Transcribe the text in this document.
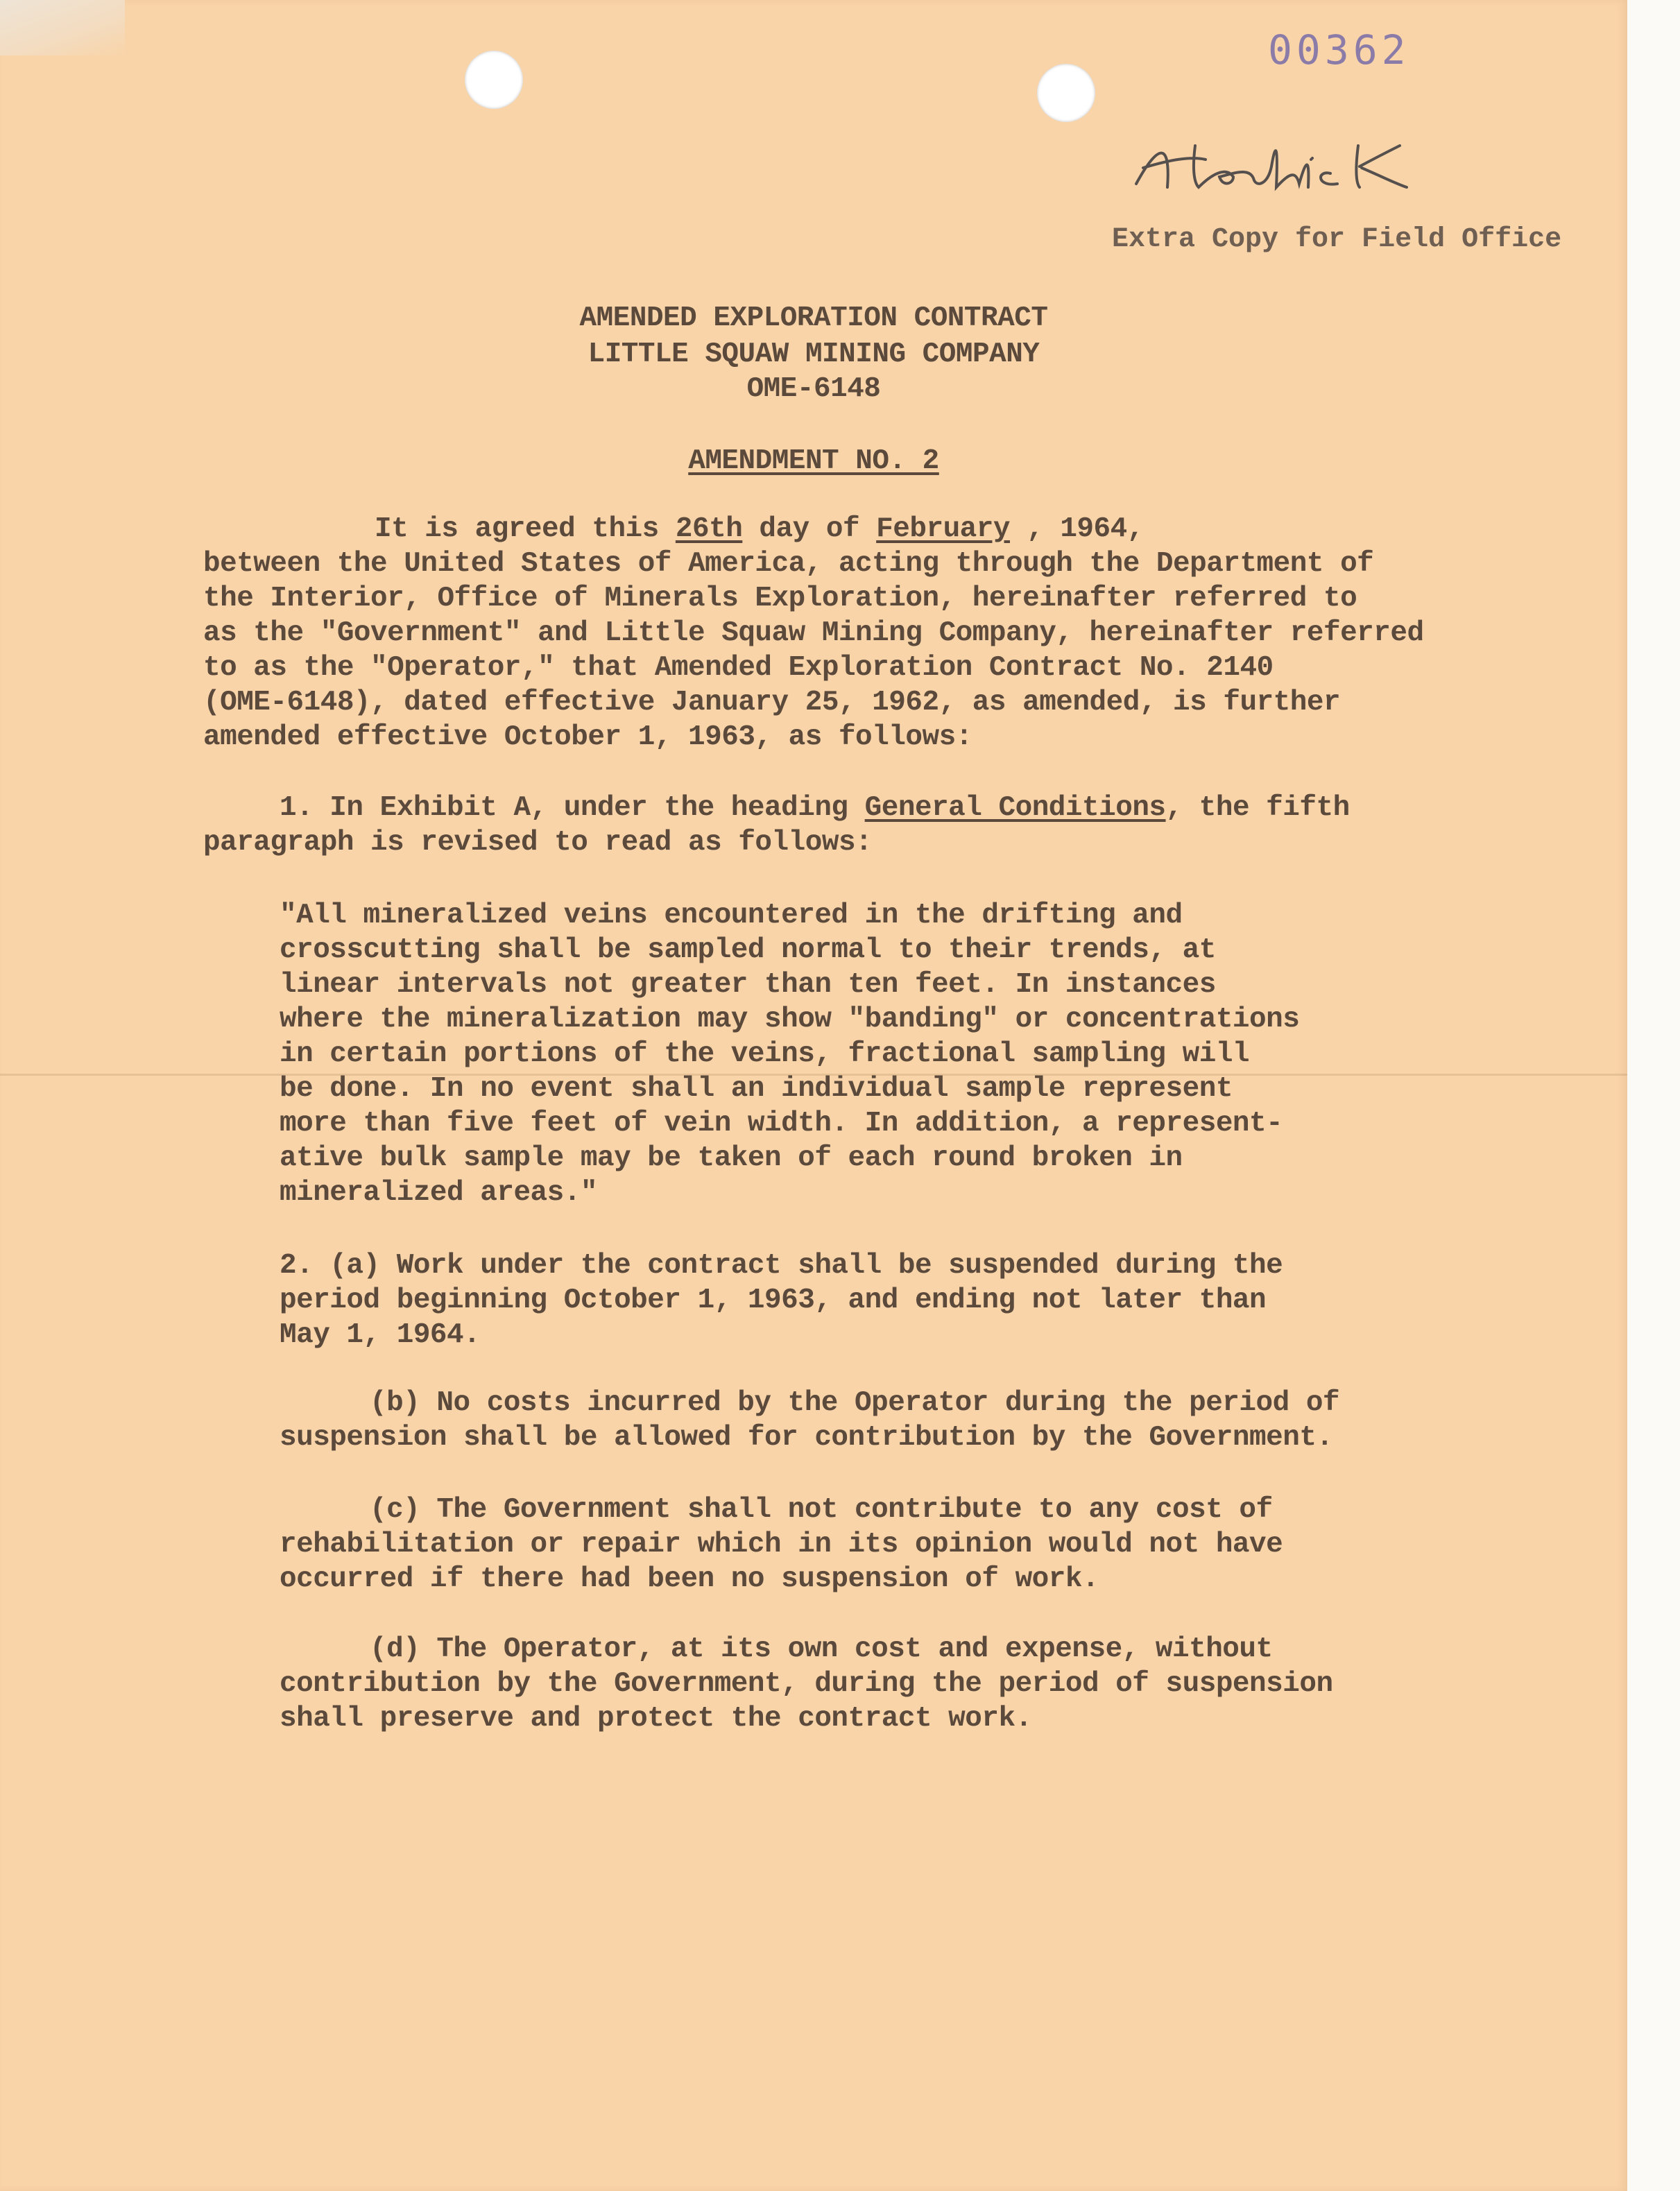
00362
Extra Copy for Field Office
AMENDED EXPLORATION CONTRACT
LITTLE SQUAW MINING COMPANY
OME-6148
AMENDMENT NO. 2
It is agreed this 26th day of February , 1964,
between the United States of America, acting through the Department of
the Interior, Office of Minerals Exploration, hereinafter referred to
as the "Government" and Little Squaw Mining Company, hereinafter referred
to as the "Operator," that Amended Exploration Contract No. 2140
(OME-6148), dated effective January 25, 1962, as amended, is further
amended effective October 1, 1963, as follows:
1. In Exhibit A, under the heading General Conditions, the fifth
paragraph is revised to read as follows:
"All mineralized veins encountered in the drifting and
crosscutting shall be sampled normal to their trends, at
linear intervals not greater than ten feet. In instances
where the mineralization may show "banding" or concentrations
in certain portions of the veins, fractional sampling will
be done. In no event shall an individual sample represent
more than five feet of vein width. In addition, a represent-
ative bulk sample may be taken of each round broken in
mineralized areas."
2. (a) Work under the contract shall be suspended during the
period beginning October 1, 1963, and ending not later than
May 1, 1964.
(b) No costs incurred by the Operator during the period of
suspension shall be allowed for contribution by the Government.
(c) The Government shall not contribute to any cost of
rehabilitation or repair which in its opinion would not have
occurred if there had been no suspension of work.
(d) The Operator, at its own cost and expense, without
contribution by the Government, during the period of suspension
shall preserve and protect the contract work.
